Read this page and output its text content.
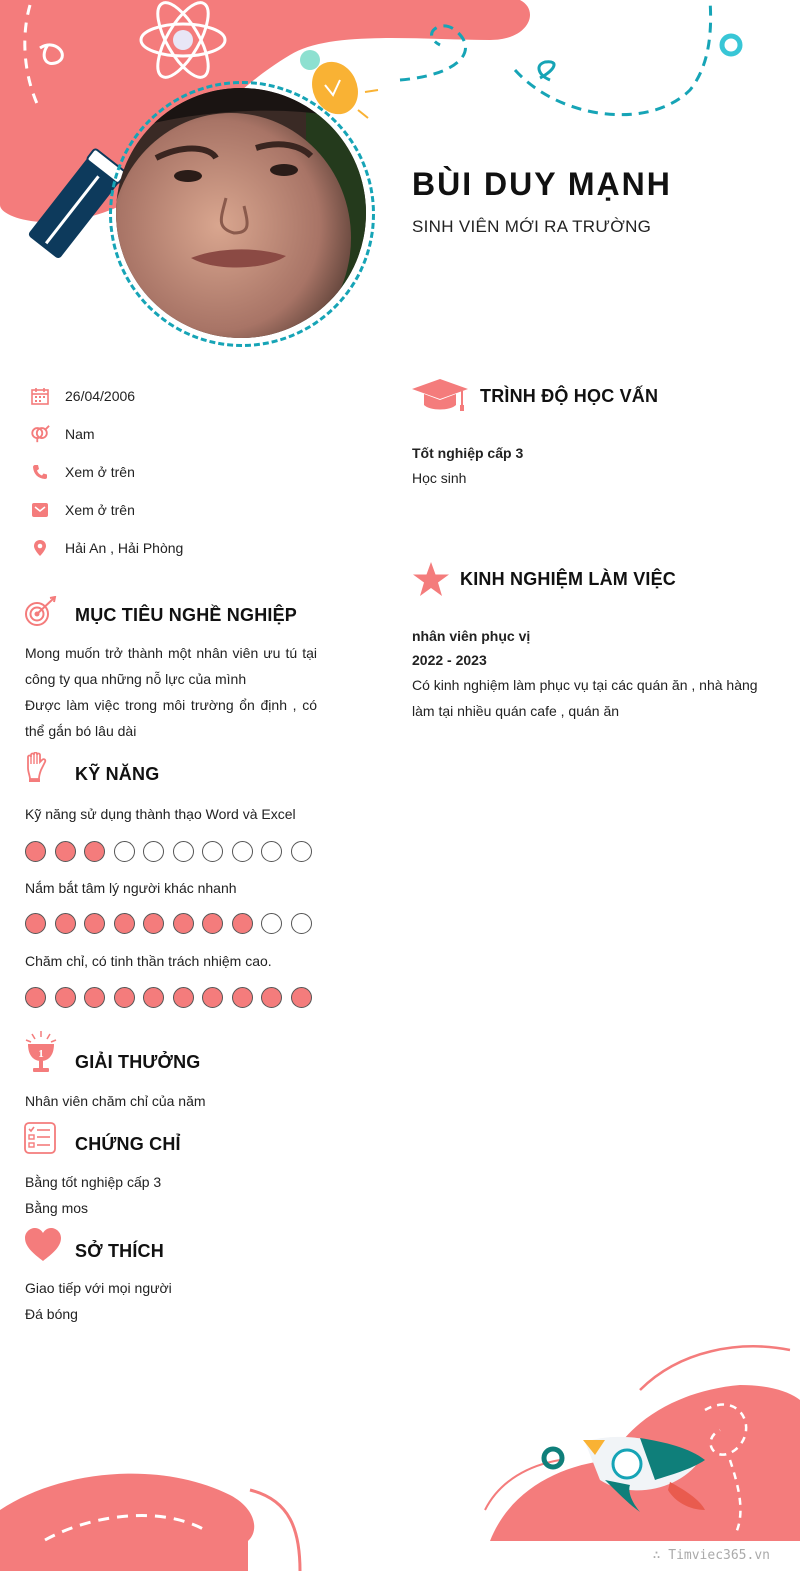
BÙI DUY MẠNH
SINH VIÊN MỚI RA TRƯỜNG
26/04/2006
Nam
Xem ở trên
Xem ở trên
Hải An , Hải Phòng
MỤC TIÊU NGHỀ NGHIỆP
Mong muốn trở thành một nhân viên ưu tú tại công ty qua những nỗ lực của mình
Được làm việc trong môi trường ổn định , có thể gắn bó lâu dài
KỸ NĂNG
Kỹ năng sử dụng thành thạo Word và Excel
Nắm bắt tâm lý người khác nhanh
Chăm chỉ, có tinh thần trách nhiệm cao.
1 GIẢI THƯỞNG
Nhân viên chăm chỉ của năm
CHỨNG CHỈ
Bằng tốt nghiệp cấp 3
Bằng mos
SỞ THÍCH
Giao tiếp với mọi người
Đá bóng
TRÌNH ĐỘ HỌC VẤN
Tốt nghiệp cấp 3
Học sinh
KINH NGHIỆM LÀM VIỆC
nhân viên phục vị
2022 - 2023
Có kinh nghiệm làm phục vụ tại các quán ăn , nhà hàng làm tại nhiều quán cafe , quán ăn
∴ Timviec365.vn
